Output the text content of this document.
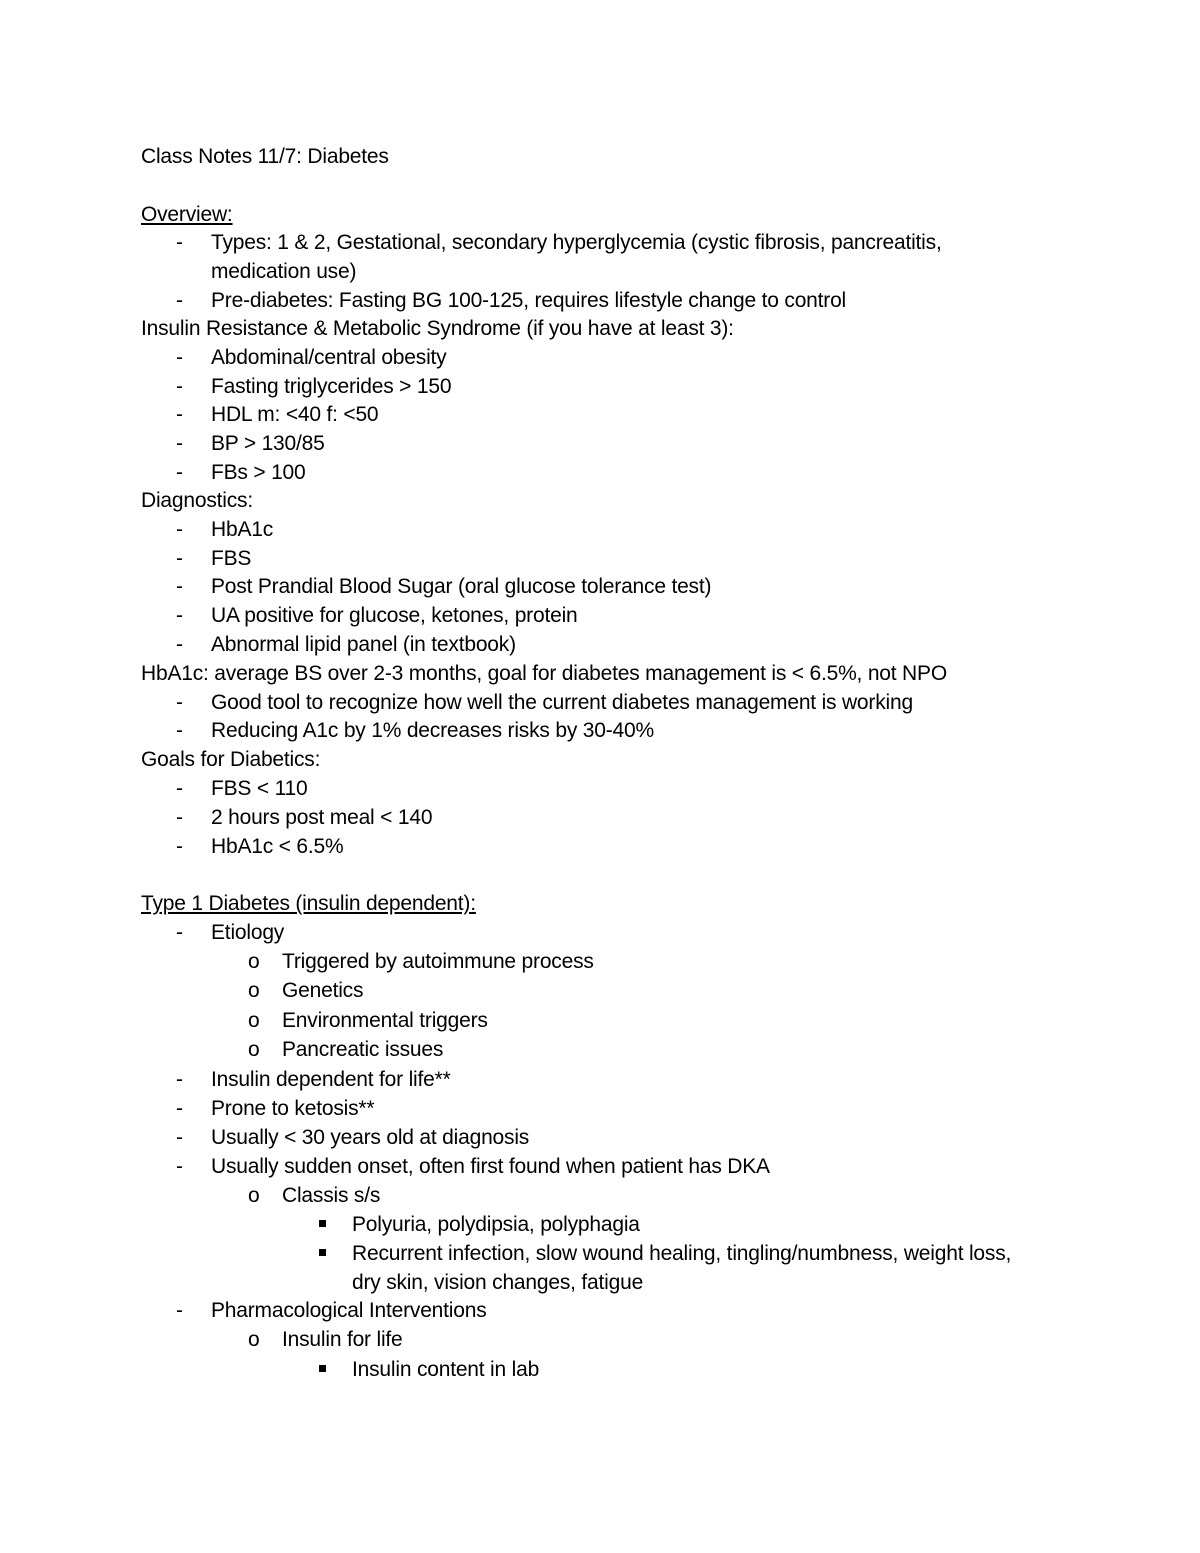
Class Notes 11/7: Diabetes
Overview:
- Types: 1 & 2, Gestational, secondary hyperglycemia (cystic fibrosis, pancreatitis,
medication use)
- Pre-diabetes: Fasting BG 100-125, requires lifestyle change to control
Insulin Resistance & Metabolic Syndrome (if you have at least 3):
- Abdominal/central obesity
- Fasting triglycerides > 150
- HDL m: <40 f: <50
- BP > 130/85
- FBs > 100
Diagnostics:
- HbA1c
- FBS
- Post Prandial Blood Sugar (oral glucose tolerance test)
- UA positive for glucose, ketones, protein
- Abnormal lipid panel (in textbook)
HbA1c: average BS over 2-3 months, goal for diabetes management is < 6.5%, not NPO
- Good tool to recognize how well the current diabetes management is working
- Reducing A1c by 1% decreases risks by 30-40%
Goals for Diabetics:
- FBS < 110
- 2 hours post meal < 140
- HbA1c < 6.5%
Type 1 Diabetes (insulin dependent):
- Etiology
o Triggered by autoimmune process
o Genetics
o Environmental triggers
o Pancreatic issues
- Insulin dependent for life**
- Prone to ketosis**
- Usually < 30 years old at diagnosis
- Usually sudden onset, often first found when patient has DKA
o Classis s/s
Polyuria, polydipsia, polyphagia
Recurrent infection, slow wound healing, tingling/numbness, weight loss,
dry skin, vision changes, fatigue
- Pharmacological Interventions
o Insulin for life
Insulin content in lab
